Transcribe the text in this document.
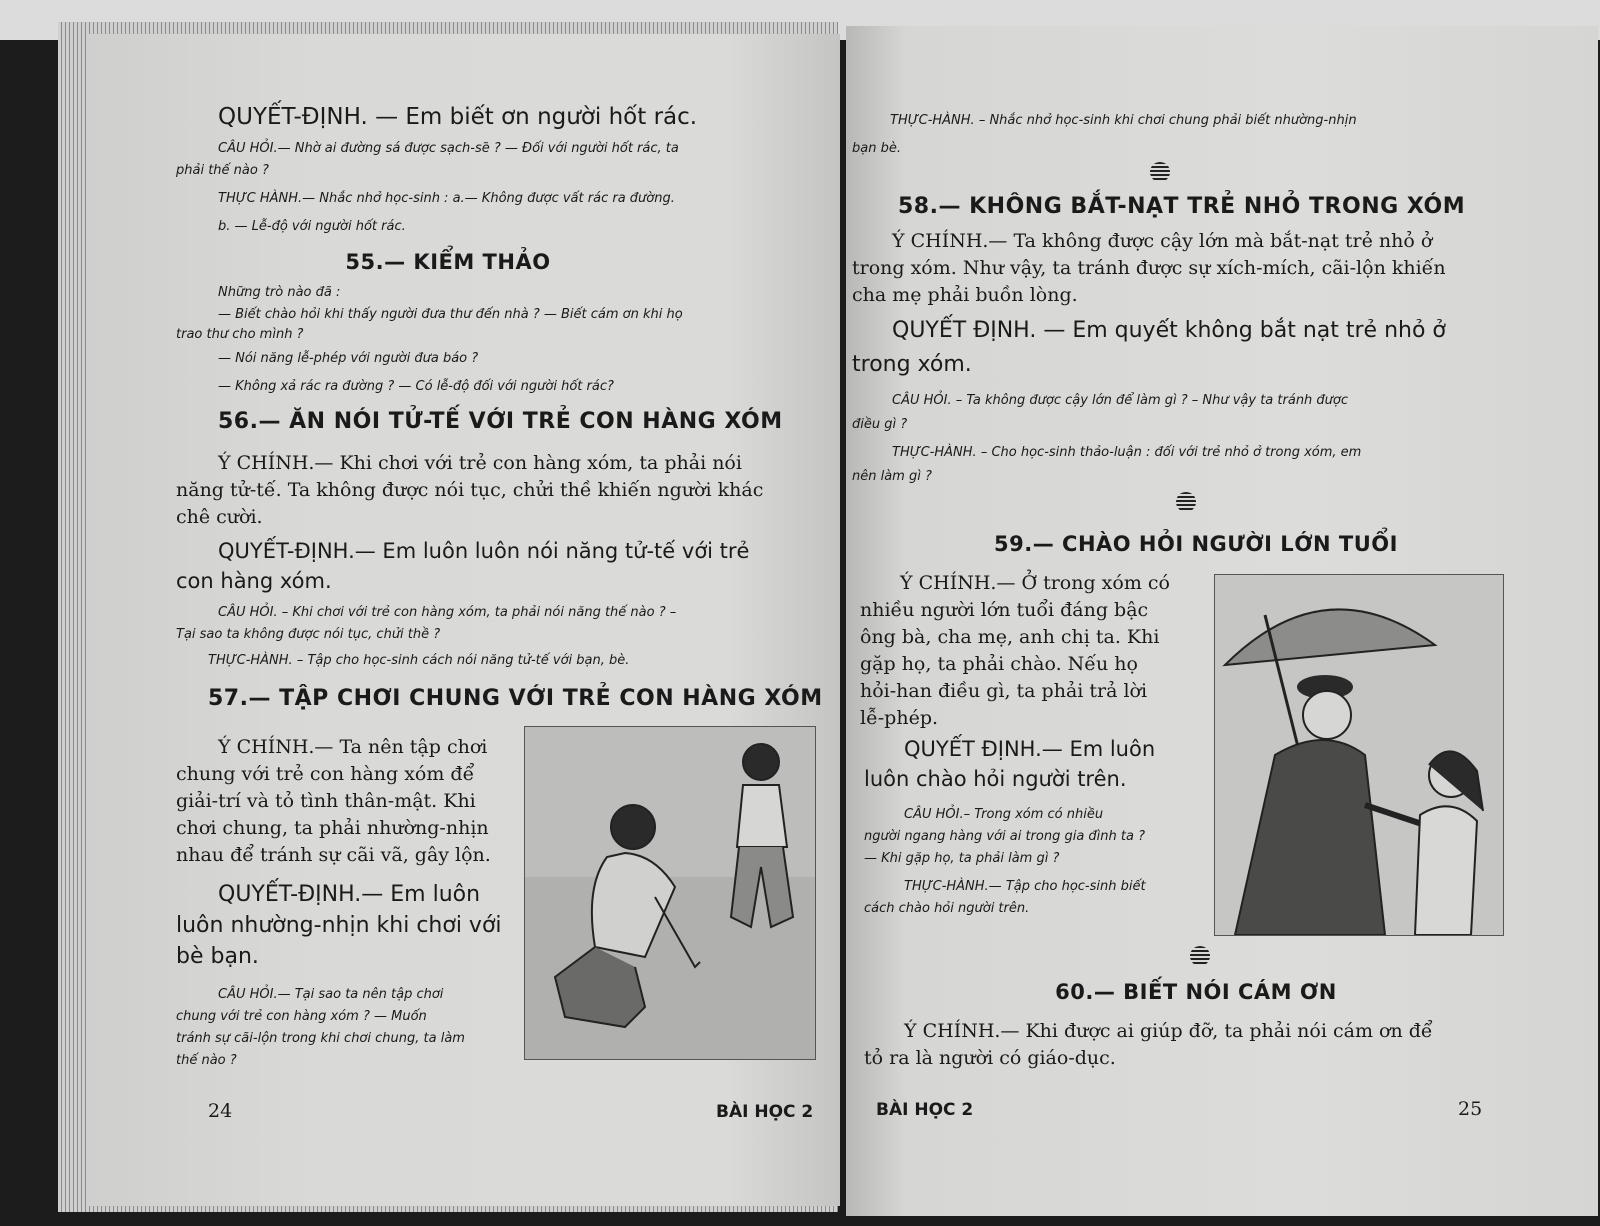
QUYẾT-ĐỊNH. — Em biết ơn người hốt rác.
CÂU HỎI.— Nhờ ai đường sá được sạch-sẽ ? — Đối với người hốt rác, ta
phải thế nào ?
THỰC HÀNH.— Nhắc nhở học-sinh : a.— Không được vất rác ra đường.
b. — Lễ-độ với người hốt rác.
55.— KIỂM THẢO
Những trò nào đã :
— Biết chào hỏi khi thấy người đưa thư đến nhà ? — Biết cám ơn khi họ
trao thư cho mình ?
— Nói năng lễ-phép với người đưa báo ?
— Không xả rác ra đường ? — Có lễ-độ đối với người hốt rác?
56.— ĂN NÓI TỬ-TẾ VỚI TRẺ CON HÀNG XÓM
Ý CHÍNH.— Khi chơi với trẻ con hàng xóm, ta phải nói
năng tử-tế. Ta không được nói tục, chửi thề khiến người khác
chê cười.
QUYẾT-ĐỊNH.— Em luôn luôn nói năng tử-tế với trẻ
con hàng xóm.
CÂU HỎI. – Khi chơi với trẻ con hàng xóm, ta phải nói năng thế nào ? –
Tại sao ta không được nói tục, chửi thề ?
THỰC-HÀNH. – Tập cho học-sinh cách nói năng tử-tế với bạn, bè.
57.— TẬP CHƠI CHUNG VỚI TRẺ CON HÀNG XÓM
Ý CHÍNH.— Ta nên tập chơi
chung với trẻ con hàng xóm để
giải-trí và tỏ tình thân-mật. Khi
chơi chung, ta phải nhường-nhịn
nhau để tránh sự cãi vã, gây lộn.
QUYẾT-ĐỊNH.— Em luôn
luôn nhường-nhịn khi chơi với
bè bạn.
CÂU HỎI.— Tại sao ta nên tập chơi
chung với trẻ con hàng xóm ? — Muốn
tránh sự cãi-lộn trong khi chơi chung, ta làm
thế nào ?
24	BÀI HỌC 2
THỰC-HÀNH. – Nhắc nhở học-sinh khi chơi chung phải biết nhường-nhịn
bạn bè.
58.— KHÔNG BẮT-NẠT TRẺ NHỎ TRONG XÓM
Ý CHÍNH.— Ta không được cậy lớn mà bắt-nạt trẻ nhỏ ở
trong xóm. Như vậy, ta tránh được sự xích-mích, cãi-lộn khiến
cha mẹ phải buồn lòng.
QUYẾT ĐỊNH. — Em quyết không bắt nạt trẻ nhỏ ở
trong xóm.
CÂU HỎI. – Ta không được cậy lớn để làm gì ? – Như vậy ta tránh được
điều gì ?
THỰC-HÀNH. – Cho học-sinh thảo-luận : đối với trẻ nhỏ ở trong xóm, em
nên làm gì ?
59.— CHÀO HỎI NGƯỜI LỚN TUỔI
Ý CHÍNH.— Ở trong xóm có
nhiều người lớn tuổi đáng bậc
ông bà, cha mẹ, anh chị ta. Khi
gặp họ, ta phải chào. Nếu họ
hỏi-han điều gì, ta phải trả lời
lễ-phép.
QUYẾT ĐỊNH.— Em luôn
luôn chào hỏi người trên.
CÂU HỎI.– Trong xóm có nhiều
người ngang hàng với ai trong gia đình ta ?
— Khi gặp họ, ta phải làm gì ?
THỰC-HÀNH.— Tập cho học-sinh biết
cách chào hỏi người trên.
60.— BIẾT NÓI CÁM ƠN
Ý CHÍNH.— Khi được ai giúp đỡ, ta phải nói cám ơn để
tỏ ra là người có giáo-dục.
BÀI HỌC 2	25
